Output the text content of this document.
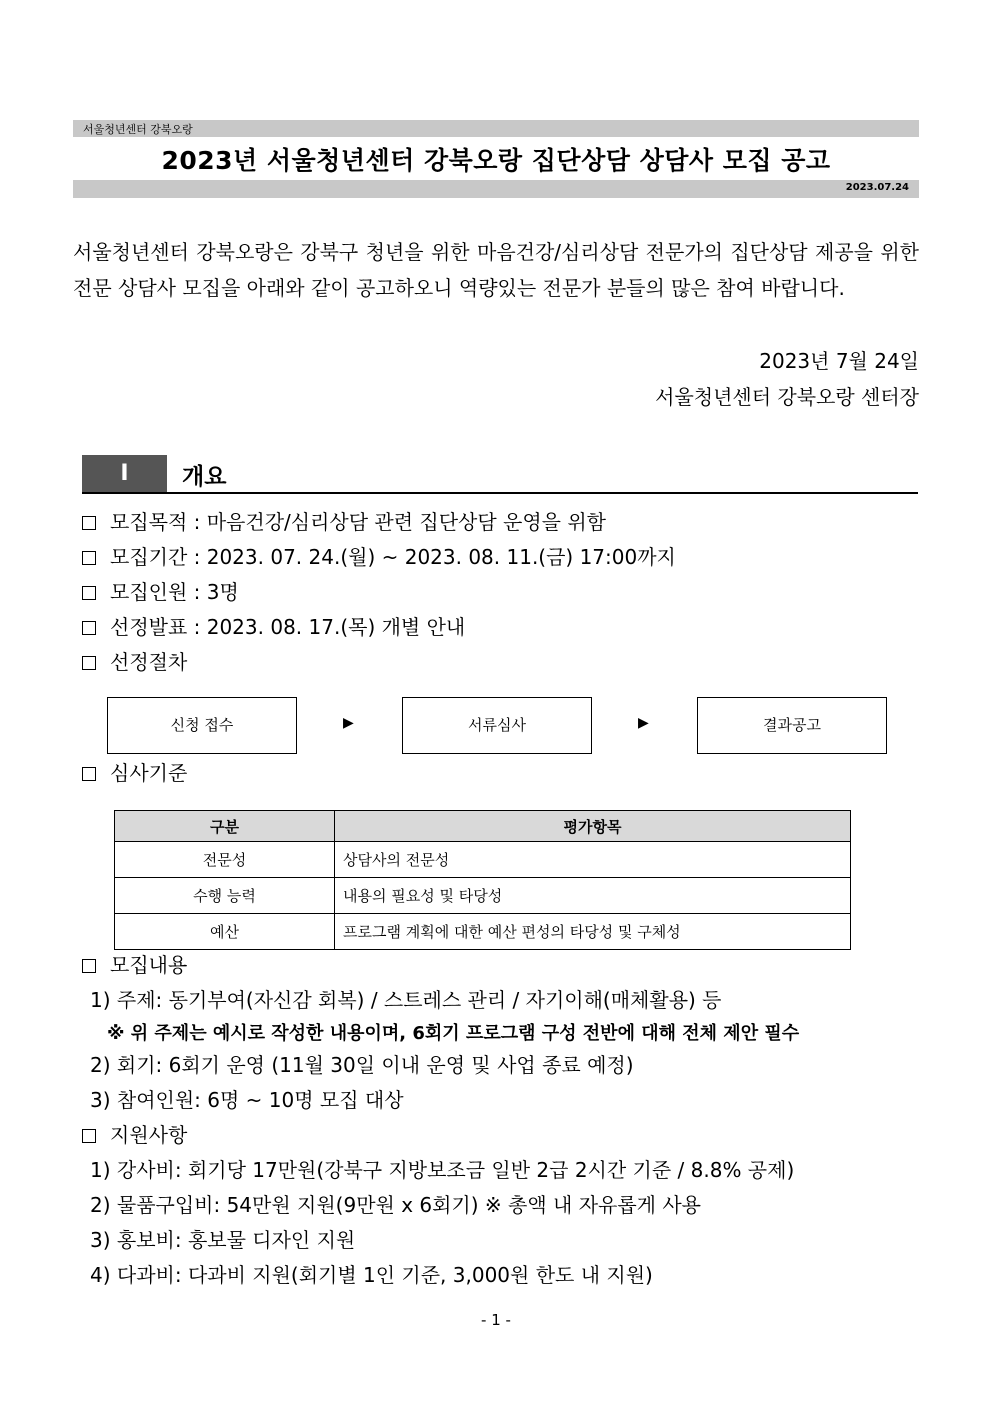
서울청년센터 강북오랑
2023년 서울청년센터 강북오랑 집단상담 상담사 모집 공고
2023.07.24
서울청년센터 강북오랑은 강북구 청년을 위한 마음건강/심리상담 전문가의 집단상담 제공을 위한 전문 상담사 모집을 아래와 같이 공고하오니 역량있는 전문가 분들의 많은 참여 바랍니다.
2023년 7월 24일
서울청년센터 강북오랑 센터장
I	개요
모집목적 : 마음건강/심리상담 관련 집단상담 운영을 위함
모집기간 : 2023. 07. 24.(월) ~ 2023. 08. 11.(금) 17:00까지
모집인원 : 3명
선정발표 : 2023. 08. 17.(목) 개별 안내
선정절차
신청 접수	▶	서류심사	▶	결과공고
심사기준
구분	평가항목
전문성	상담사의 전문성
수행 능력	내용의 필요성 및 타당성
예산	프로그램 계획에 대한 예산 편성의 타당성 및 구체성
모집내용
1) 주제: 동기부여(자신감 회복) / 스트레스 관리 / 자기이해(매체활용) 등
※ 위 주제는 예시로 작성한 내용이며, 6회기 프로그램 구성 전반에 대해 전체 제안 필수
2) 회기: 6회기 운영 (11월 30일 이내 운영 및 사업 종료 예정)
3) 참여인원: 6명 ~ 10명 모집 대상
지원사항
1) 강사비: 회기당 17만원(강북구 지방보조금 일반 2급 2시간 기준 / 8.8% 공제)
2) 물품구입비: 54만원 지원(9만원 x 6회기) ※ 총액 내 자유롭게 사용
3) 홍보비: 홍보물 디자인 지원
4) 다과비: 다과비 지원(회기별 1인 기준, 3,000원 한도 내 지원)
- 1 -
